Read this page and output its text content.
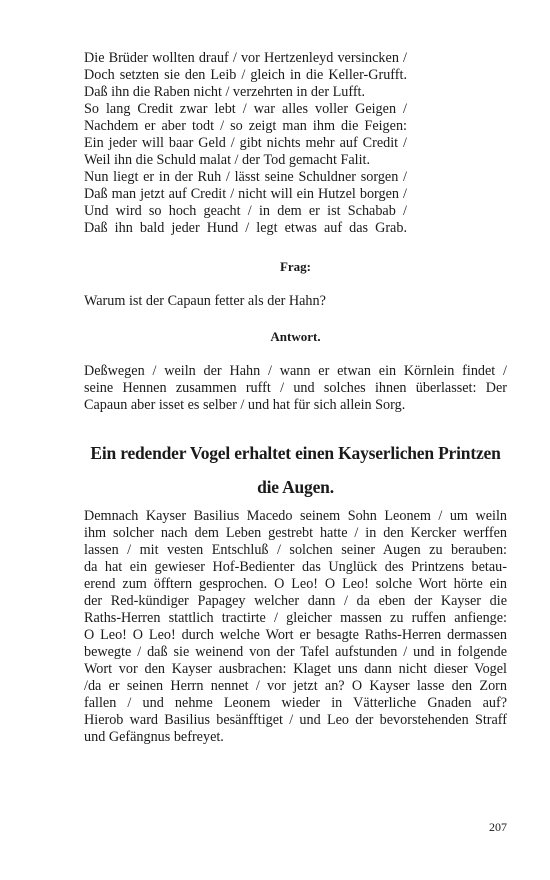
Die Brüder wollten drauf / vor Hertzenleyd versincken /
Doch setzten sie den Leib / gleich in die Keller-Grufft.
Daß ihn die Raben nicht / verzehrten in der Lufft.
So lang Credit zwar lebt / war alles voller Geigen /
Nachdem er aber todt / so zeigt man ihm die Feigen:
Ein jeder will baar Geld / gibt nichts mehr auf Credit /
Weil ihn die Schuld malat / der Tod gemacht Falit.
Nun liegt er in der Ruh / lässt seine Schuldner sorgen /
Daß man jetzt auf Credit / nicht will ein Hutzel borgen /
Und wird so hoch geacht / in dem er ist Schabab /
Daß ihn bald jeder Hund / legt etwas auf das Grab.
Frag:
Warum ist der Capaun fetter als der Hahn?
Antwort.
Deßwegen / weiln der Hahn / wann er etwan ein Körnlein findet /
seine Hennen zusammen rufft / und solches ihnen überlasset: Der
Capaun aber isset es selber / und hat für sich allein Sorg.
Ein redender Vogel erhaltet einen Kayserlichen Printzen
die Augen.
Demnach Kayser Basilius Macedo seinem Sohn Leonem / um weiln
ihm solcher nach dem Leben gestrebt hatte / in den Kercker werffen
lassen / mit vesten Entschluß / solchen seiner Augen zu berauben:
da hat ein gewieser Hof-Bedienter das Unglück des Printzens betau-
erend zum öfftern gesprochen. O Leo! O Leo! solche Wort hörte ein
der Red-kündiger Papagey welcher dann / da eben der Kayser die
Raths-Herren stattlich tractirte / gleicher massen zu ruffen anfienge:
O Leo! O Leo! durch welche Wort er besagte Raths-Herren dermassen
bewegte / daß sie weinend von der Tafel aufstunden / und in folgende
Wort vor den Kayser ausbrachen: Klaget uns dann nicht dieser Vogel
/da er seinen Herrn nennet / vor jetzt an? O Kayser lasse den Zorn
fallen / und nehme Leonem wieder in Vätterliche Gnaden auf?
Hierob ward Basilius besänfftiget / und Leo der bevorstehenden Straff
und Gefängnus befreyet.
207
